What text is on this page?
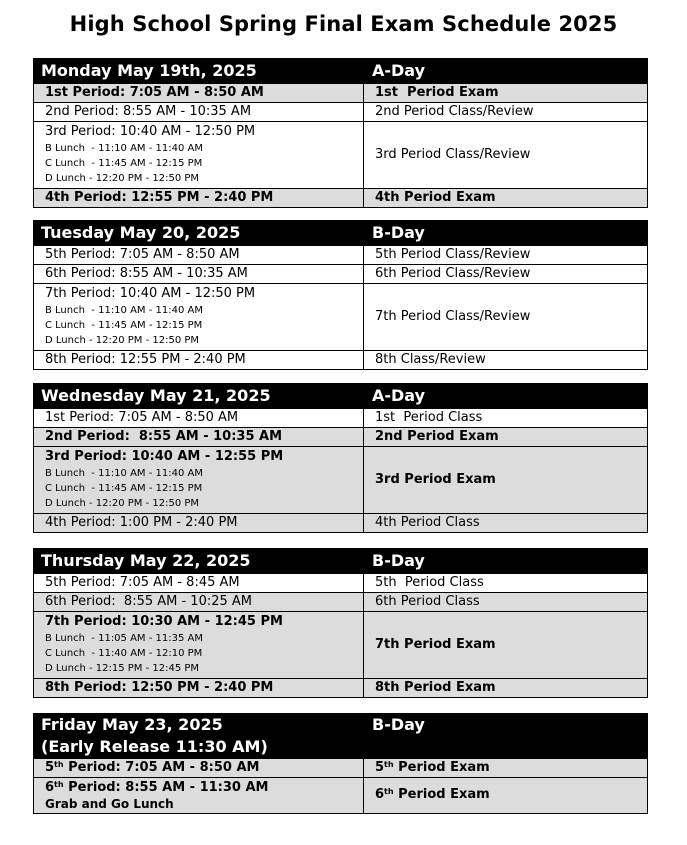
High School Spring Final Exam Schedule 2025
Monday May 19th, 2025	A-Day
1st Period: 7:05 AM - 8:50 AM	1st  Period Exam
2nd Period: 8:55 AM - 10:35 AM	2nd Period Class/Review
3rd Period: 10:40 AM - 12:50 PM
B Lunch  - 11:10 AM - 11:40 AM
C Lunch  - 11:45 AM - 12:15 PM
D Lunch - 12:20 PM - 12:50 PM	3rd Period Class/Review
4th Period: 12:55 PM - 2:40 PM	4th Period Exam
Tuesday May 20, 2025	B-Day
5th Period: 7:05 AM - 8:50 AM	5th Period Class/Review
6th Period: 8:55 AM - 10:35 AM	6th Period Class/Review
7th Period: 10:40 AM - 12:50 PM
B Lunch  - 11:10 AM - 11:40 AM
C Lunch  - 11:45 AM - 12:15 PM
D Lunch - 12:20 PM - 12:50 PM	7th Period Class/Review
8th Period: 12:55 PM - 2:40 PM	8th Class/Review
Wednesday May 21, 2025	A-Day
1st Period: 7:05 AM - 8:50 AM	1st  Period Class
2nd Period:  8:55 AM - 10:35 AM	2nd Period Exam
3rd Period: 10:40 AM - 12:55 PM
B Lunch  - 11:10 AM - 11:40 AM
C Lunch  - 11:45 AM - 12:15 PM
D Lunch - 12:20 PM - 12:50 PM	3rd Period Exam
4th Period: 1:00 PM - 2:40 PM	4th Period Class
Thursday May 22, 2025	B-Day
5th Period: 7:05 AM - 8:45 AM	5th  Period Class
6th Period:  8:55 AM - 10:25 AM	6th Period Class
7th Period: 10:30 AM - 12:45 PM
B Lunch  - 11:05 AM - 11:35 AM
C Lunch  - 11:40 AM - 12:10 PM
D Lunch - 12:15 PM - 12:45 PM	7th Period Exam
8th Period: 12:50 PM - 2:40 PM	8th Period Exam
Friday May 23, 2025
(Early Release 11:30 AM)	B-Day
5th Period: 7:05 AM - 8:50 AM	5th Period Exam
6th Period: 8:55 AM - 11:30 AM
Grab and Go Lunch	6th Period Exam
